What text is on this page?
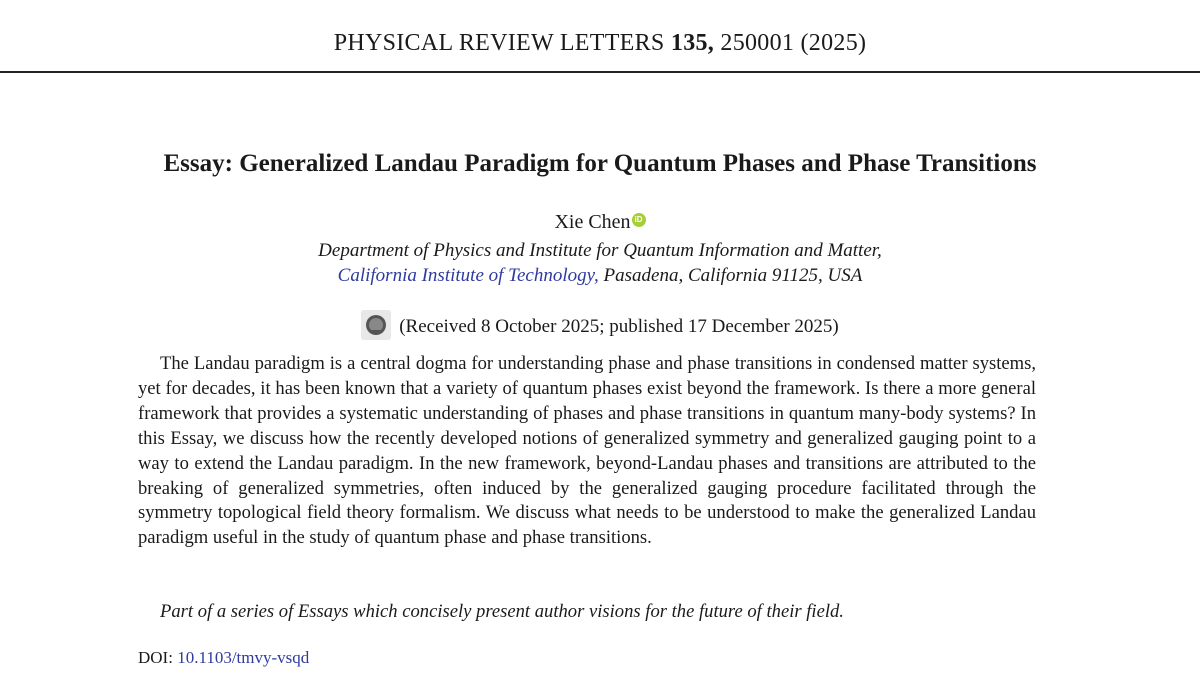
PHYSICAL REVIEW LETTERS 135, 250001 (2025)
Essay: Generalized Landau Paradigm for Quantum Phases and Phase Transitions
Xie Chen iD
Department of Physics and Institute for Quantum Information and Matter,
California Institute of Technology, Pasadena, California 91125, USA
(Received 8 October 2025; published 17 December 2025)

The Landau paradigm is a central dogma for understanding phase and phase transitions in condensed matter systems, yet for decades, it has been known that a variety of quantum phases exist beyond the framework. Is there a more general framework that provides a systematic understanding of phases and phase transitions in quantum many-body systems? In this Essay, we discuss how the recently developed notions of generalized symmetry and generalized gauging point to a way to extend the Landau paradigm. In the new framework, beyond-Landau phases and transitions are attributed to the breaking of generalized symmetries, often induced by the generalized gauging procedure facilitated through the symmetry topological field theory formalism. We discuss what needs to be understood to make the generalized Landau paradigm useful in the study of quantum phase and phase transitions.

Part of a series of Essays which concisely present author visions for the future of their field.
DOI: 10.1103/tmvy-vsqd
